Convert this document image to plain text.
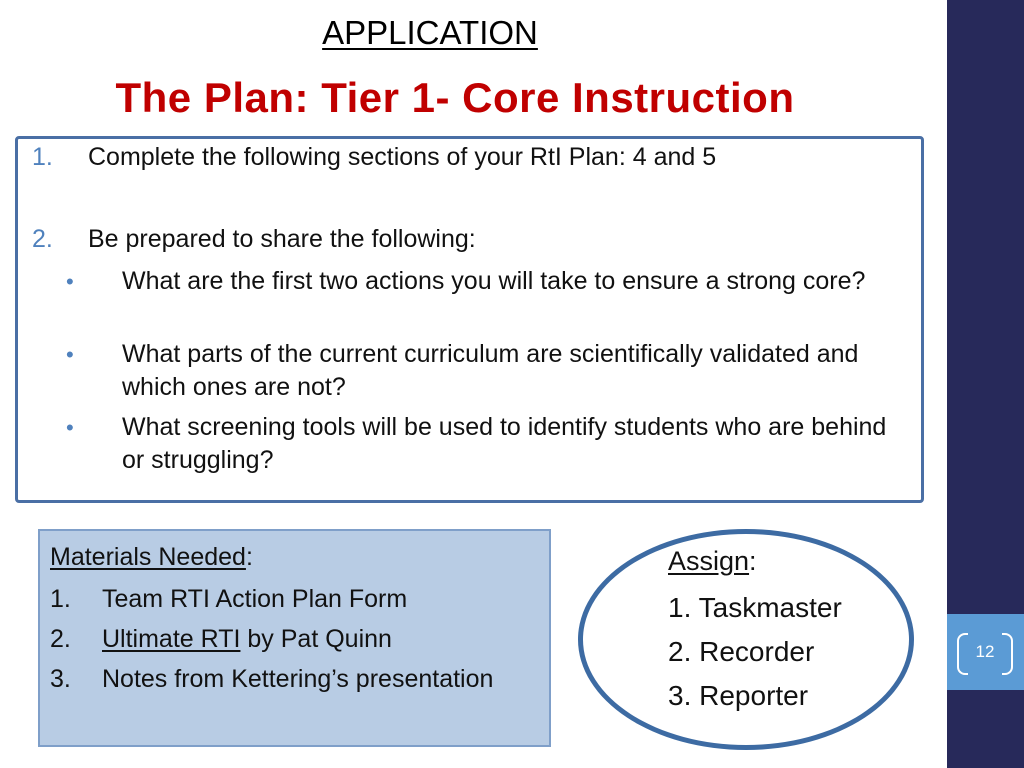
12
APPLICATION
The Plan: Tier 1- Core Instruction
1. Complete the following sections of your RtI Plan: 4 and 5
2. Be prepared to share the following:
• What are the first two actions you will take to ensure a strong core?
• What parts of the current curriculum are scientifically validated and which ones are not?
• What screening tools will be used to identify students who are behind or struggling?
Materials Needed:
1. Team RTI Action Plan Form
2. Ultimate RTI by Pat Quinn
3. Notes from Kettering’s presentation
Assign:
1. Taskmaster
2. Recorder
3. Reporter
